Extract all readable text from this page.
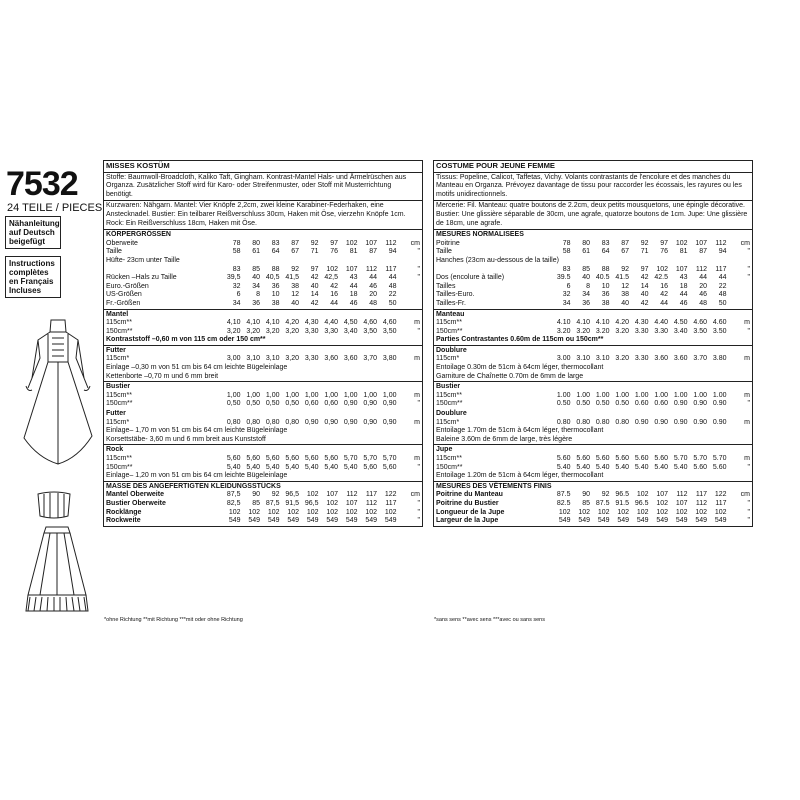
7532
24 TEILE / PIECES
Nähanleitung auf Deutsch beigefügt
Instructions complètes en Français Incluses
MISSES KOSTÜM
Stoffe: Baumwoll-Broadcloth, Kaliko Taft, Gingham. Kontrast-Mantel Hals- und Ärmelrüschen aus Organza. Zusätzlicher Stoff wird für Karo- oder Streifenmuster, oder Stoff mit Musterrichtung benötigt.
Kurzwaren: Nähgarn. Mantel: Vier Knöpfe 2,2cm, zwei kleine Karabiner-Federhaken, eine Anstecknadel. Bustier: Ein teilbarer Reißverschluss 30cm, Haken mit Öse, vierzehn Knöpfe 1cm. Rock: Ein Reißverschluss 18cm, Haken mit Öse.
KÖRPERGRÖSSEN
Oberweite	78	80	83	87	92	97	102	107	112	cm
Taille	58	61	64	67	71	76	81	87	94	"
Hüfte- 23cm unter Taille
83	85	88	92	97	102	107	112	117	"
Rücken –Hals zu Taille	39,5	40 40,5 41,5	42 42,5	43	44	44	"
Euro.-Größen	32	34	36	38	40	42	44	46	48
US-Größen	6	8	10	12	14	16	18	20	22
Fr.-Größen	34	36	38	40	42	44	46	48	50
Mantel
115cm**	4,10 4,10 4,10 4,20 4,30 4,40 4,50 4,60 4,60	m
150cm**	3,20 3,20 3,20 3,20 3,30 3,30 3,40 3,50 3,50	"
Kontraststoff –0,60 m von 115 cm oder 150 cm**
Futter
115cm*	3,00 3,10 3,10 3,20 3,30 3,60 3,60 3,70 3,80	m
Einlage –0,30 m von 51 cm bis 64 cm leichte Bügeleinlage
Kettenborte –0,70 m und 6 mm breit
Bustier
115cm**	1,00 1,00 1,00 1,00 1,00 1,00 1,00 1,00 1,00	m
150cm**	0,50 0,50 0,50 0,50 0,60 0,60 0,90 0,90 0,90	"
Futter
115cm*	0,80 0,80 0,80 0,80 0,90 0,90 0,90 0,90 0,90	m
Einlage– 1,70 m von 51 cm bis 64 cm leichte Bügeleinlage
Korsettstäbe- 3,60 m und 6 mm breit aus Kunststoff
Rock
115cm**	5,60 5,60 5,60 5,60 5,60 5,60 5,70 5,70 5,70	m
150cm**	5,40 5,40 5,40 5,40 5,40 5,40 5,40 5,60 5,60	"
Einlage– 1,20 m von 51 cm bis 64 cm leichte Bügeleinlage
MASSE DES ANGEFERTIGTEN KLEIDUNGSSTÜCKS
Mantel Oberweite	87,5	90	92 96,5	102	107	112	117	122	cm
Bustier Oberweite	82,5	85 87,5 91,5 96,5	102	107	112	117	"
Rocklänge	102	102	102	102	102	102	102	102	102	"
Rockweite	549	549	549	549	549	549	549	549	549	"
*ohne Richtung **mit Richtung ***mit oder ohne Richtung
COSTUME POUR JEUNE FEMME
Tissus: Popeline, Calicot, Taffetas, Vichy. Volants contrastants de l'encolure et des manches du Manteau en Organza. Prévoyez davantage de tissu pour raccorder les écossais, les rayures ou les motifs unidirectionnels.
Mercerie: Fil. Manteau: quatre boutons de 2.2cm, deux petits mousquetons, une épingle décorative. Bustier: Une glissière séparable de 30cm, une agrafe, quatorze boutons de 1cm. Jupe: Une glissière de 18cm, une agrafe.
MESURES NORMALISEES
Poitrine	78	80	83	87	92	97	102	107	112	cm
Taille	58	61	64	67	71	76	81	87	94	"
Hanches (23cm au-dessous de la taille)
83	85	88	92	97	102	107	112	117	"
Dos (encolure à taille)	39.5	40 40.5 41.5	42 42.5	43	44	44	"
Tailles	6	8	10	12	14	16	18	20	22
Tailles-Euro.	32	34	36	38	40	42	44	46	48
Tailles-Fr.	34	36	38	40	42	44	46	48	50
Manteau
115cm**	4.10 4.10 4.10 4.20 4.30 4.40 4.50 4.60 4.60	m
150cm**	3.20 3.20 3.20 3.20 3.30 3.30 3.40 3.50 3.50	"
Parties Contrastantes 0.60m de 115cm ou 150cm**
Doublure
115cm*	3.00 3.10 3.10 3.20 3.30 3.60 3.60 3.70 3.80	m
Entoilage 0.30m de 51cm à 64cm léger, thermocollant
Garniture de Chaînette 0.70m de 6mm de large
Bustier
115cm**	1.00 1.00 1.00 1.00 1.00 1.00 1.00 1.00 1.00	m
150cm**	0.50 0.50 0.50 0.50 0.60 0.60 0.90 0.90 0.90	"
Doublure
115cm*	0.80 0.80 0.80 0.80 0.90 0.90 0.90 0.90 0.90	m
Entoilage 1.70m de 51cm à 64cm léger, thermocollant
Baleine 3.60m de 6mm de large, très légère
Jupe
115cm**	5.60 5.60 5.60 5.60 5.60 5.60 5.70 5.70 5.70	m
150cm**	5.40 5.40 5.40 5.40 5.40 5.40 5.40 5.60 5.60	"
Entoilage 1.20m de 51cm à 64cm léger, thermocollant
MESURES DES VÊTEMENTS FINIS
Poitrine du Manteau	87.5	90	92 96.5	102	107	112	117	122	cm
Poitrine du Bustier	82.5	85 87.5 91.5 96.5	102	107	112	117	"
Longueur de la Jupe	102	102	102	102	102	102	102	102	102	"
Largeur de la Jupe	549	549	549	549	549	549	549	549	549	"
*sans sens **avec sens ***avec ou sans sens
